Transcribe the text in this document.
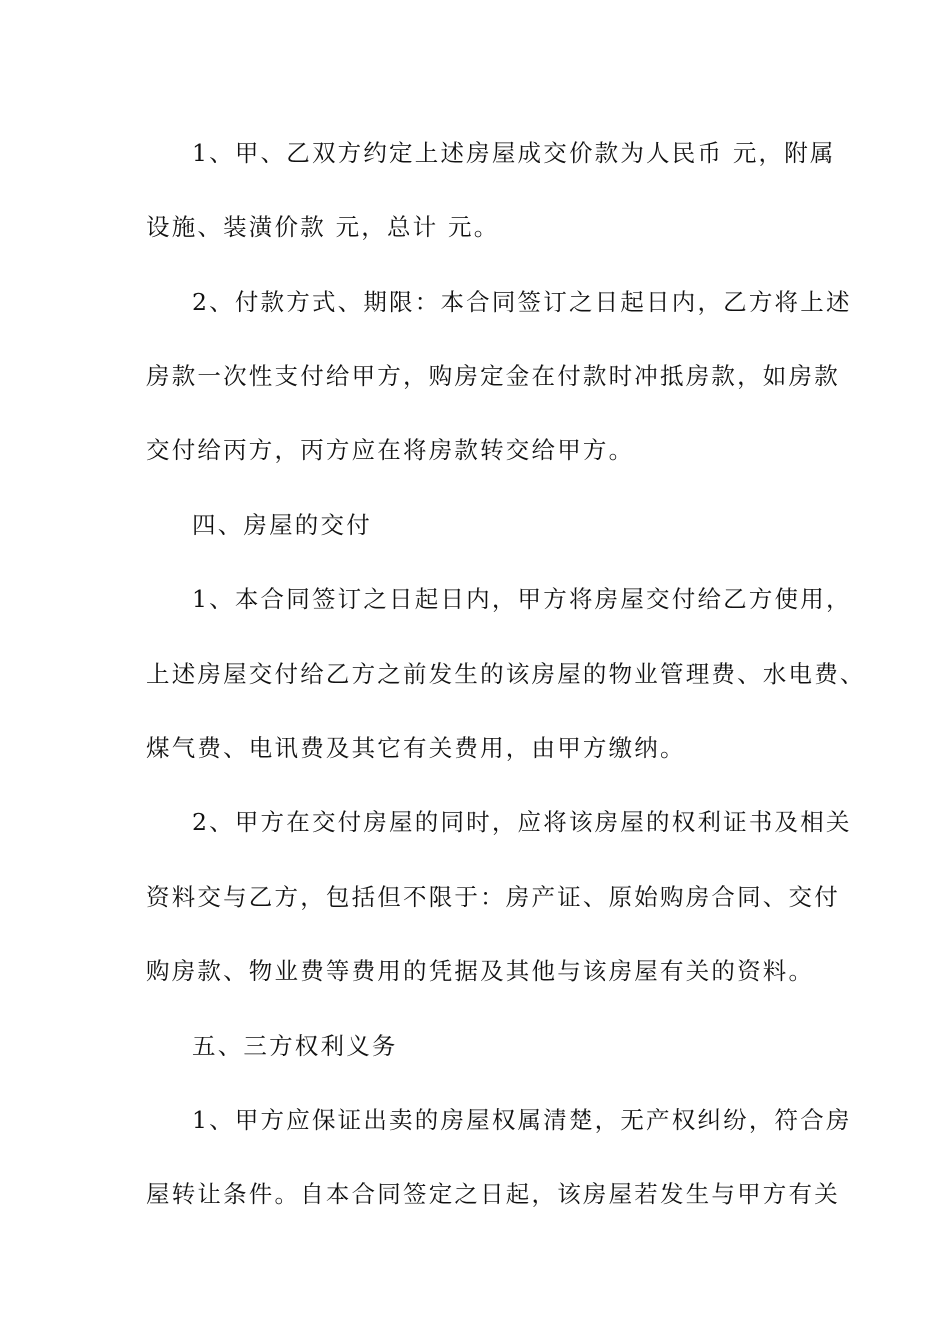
1、甲、乙双方约定上述房屋成交价款为人民币 元，附属
设施、装潢价款 元，总计 元。
2、付款方式、期限：本合同签订之日起日内，乙方将上述
房款一次性支付给甲方，购房定金在付款时冲抵房款，如房款
交付给丙方，丙方应在将房款转交给甲方。
四、房屋的交付
1、本合同签订之日起日内，甲方将房屋交付给乙方使用，
上述房屋交付给乙方之前发生的该房屋的物业管理费、水电费、
煤气费、电讯费及其它有关费用，由甲方缴纳。
2、甲方在交付房屋的同时，应将该房屋的权利证书及相关
资料交与乙方，包括但不限于：房产证、原始购房合同、交付
购房款、物业费等费用的凭据及其他与该房屋有关的资料。
五、三方权利义务
1、甲方应保证出卖的房屋权属清楚，无产权纠纷，符合房
屋转让条件。自本合同签定之日起，该房屋若发生与甲方有关
